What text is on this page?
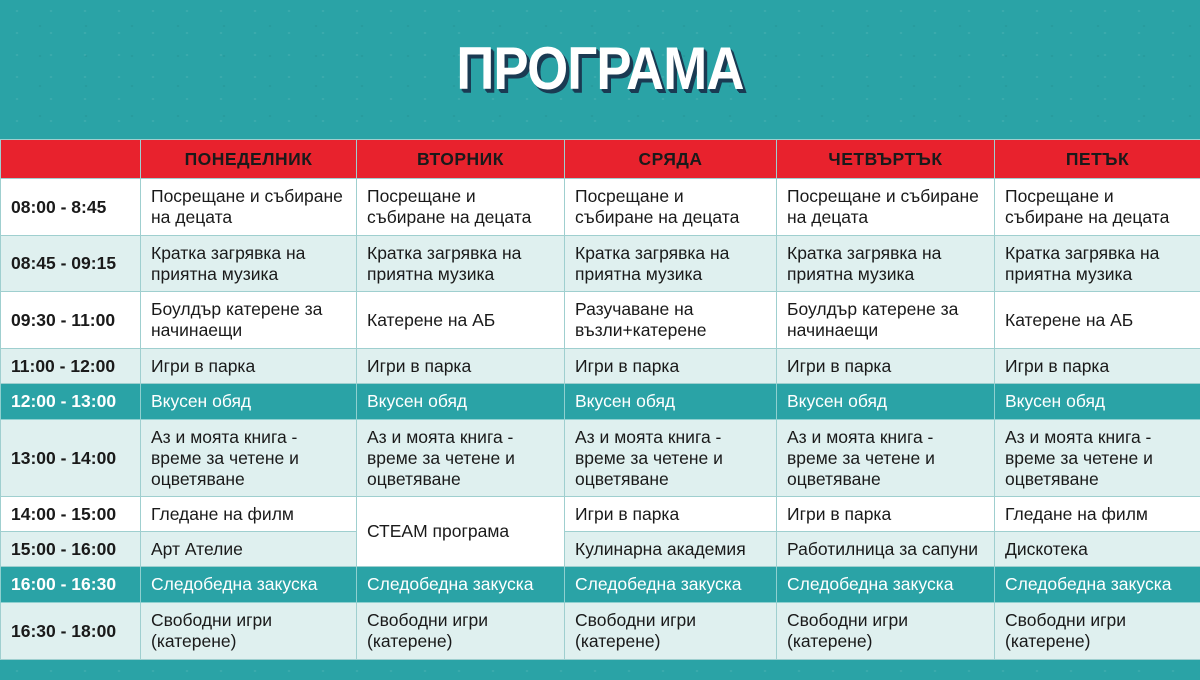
ПРОГРАМА
	ПОНЕДЕЛНИК	ВТОРНИК	СРЯДА	ЧЕТВЪРТЪК	ПЕТЪК
08:00 - 8:45	Посрещане и събиране на децата	Посрещане и събиране на децата	Посрещане и събиране на децата	Посрещане и събиране на децата	Посрещане и събиране на децата
08:45 - 09:15	Кратка загрявка на приятна музика	Кратка загрявка на приятна музика	Кратка загрявка на приятна музика	Кратка загрявка на приятна музика	Кратка загрявка на приятна музика
09:30 - 11:00	Боулдър катерене за начинаещи	Катерене на АБ	Разучаване на възли+катерене	Боулдър катерене за начинаещи	Катерене на АБ
11:00 - 12:00	Игри в парка	Игри в парка	Игри в парка	Игри в парка	Игри в парка
12:00 - 13:00	Вкусен обяд	Вкусен обяд	Вкусен обяд	Вкусен обяд	Вкусен обяд
13:00 - 14:00	Аз и моята книга - време за четене и оцветяване	Аз и моята книга - време за четене и оцветяване	Аз и моята книга - време за четене и оцветяване	Аз и моята книга - време за четене и оцветяване	Аз и моята книга - време за четене и оцветяване
14:00 - 15:00	Гледане на филм	СТЕАМ програма	Игри в парка	Игри в парка	Гледане на филм
15:00 - 16:00	Арт Ателие		Кулинарна академия	Работилница за сапуни	Дискотека
16:00 - 16:30	Следобедна закуска	Следобедна закуска	Следобедна закуска	Следобедна закуска	Следобедна закуска
16:30 - 18:00	Свободни игри (катерене)	Свободни игри (катерене)	Свободни игри (катерене)	Свободни игри (катерене)	Свободни игри (катерене)
